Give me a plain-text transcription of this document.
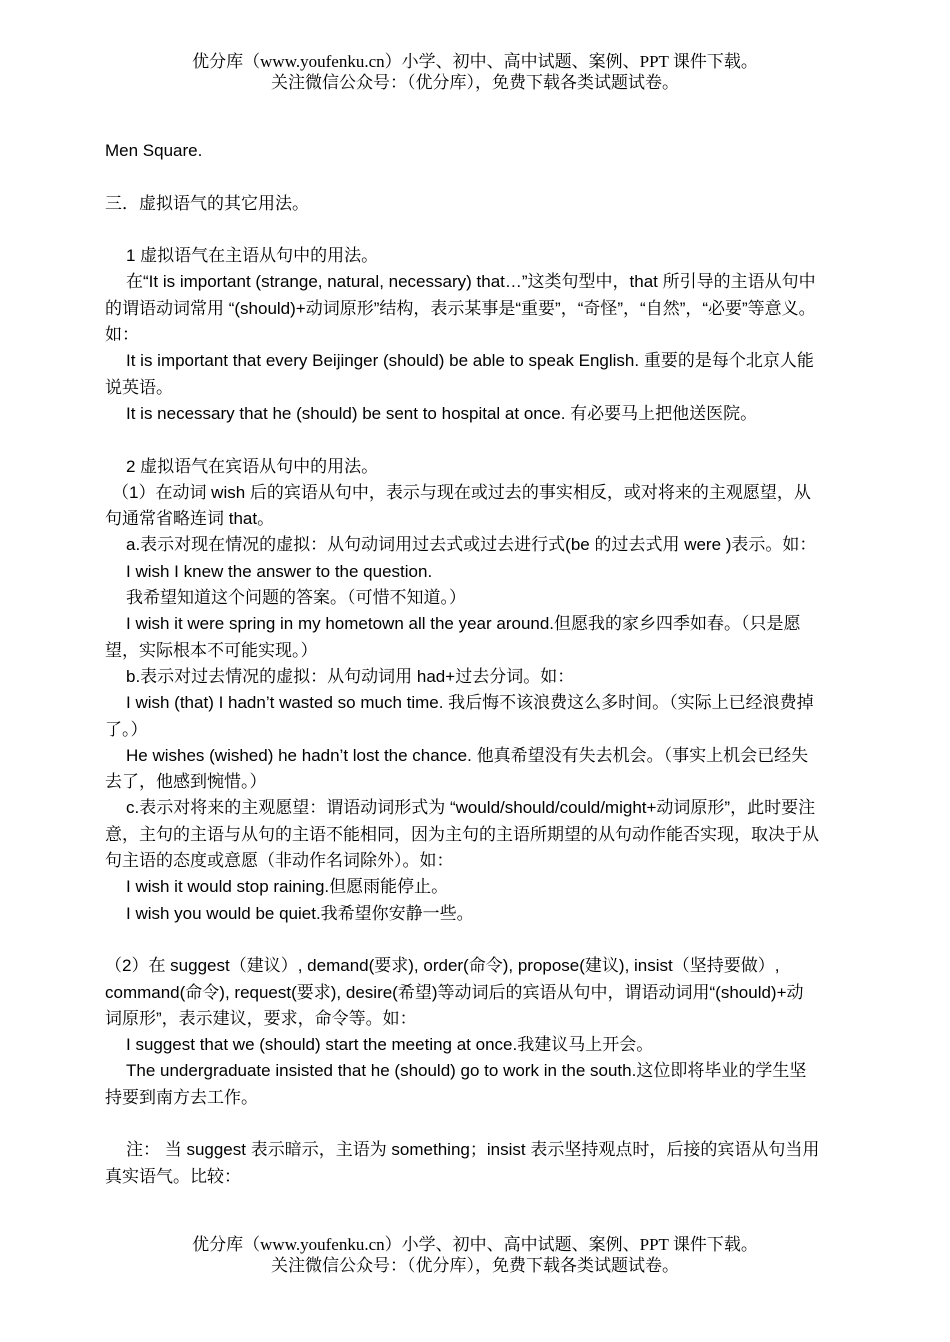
优分库（www.youfenku.cn）小学、初中、高中试题、案例、PPT 课件下载。
关注微信公众号：（优分库），免费下载各类试题试卷。

Men Square.

三．虚拟语气的其它用法。

1 虚拟语气在主语从句中的用法。

在“It is important (strange, natural, necessary) that…”这类句型中，that 所引导的主语从句中的谓语动词常用 “(should)+动词原形”结构，表示某事是“重要”，“奇怪”，“自然”，“必要”等意义。如：

It is important that every Beijinger (should) be able to speak English. 重要的是每个北京人能说英语。

It is necessary that he (should) be sent to hospital at once. 有必要马上把他送医院。

2 虚拟语气在宾语从句中的用法。

（1）在动词 wish 后的宾语从句中，表示与现在或过去的事实相反，或对将来的主观愿望，从句通常省略连词 that。

a.表示对现在情况的虚拟：从句动词用过去式或过去进行式(be 的过去式用 were )表示。如：

I wish I knew the answer to the question.

我希望知道这个问题的答案。（可惜不知道。）

I wish it were spring in my hometown all the year around.但愿我的家乡四季如春。（只是愿望，实际根本不可能实现。）

b.表示对过去情况的虚拟：从句动词用 had+过去分词。如：

I wish (that) I hadn’t wasted so much time. 我后悔不该浪费这么多时间。（实际上已经浪费掉了。）

He wishes (wished) he hadn’t lost the chance. 他真希望没有失去机会。（事实上机会已经失去了，他感到惋惜。）

c.表示对将来的主观愿望：谓语动词形式为 “would/should/could/might+动词原形”，此时要注意，主句的主语与从句的主语不能相同，因为主句的主语所期望的从句动作能否实现，取决于从句主语的态度或意愿（非动作名词除外）。如：

I wish it would stop raining.但愿雨能停止。

I wish you would be quiet.我希望你安静一些。

（2）在 suggest（建议）, demand(要求), order(命令), propose(建议), insist（坚持要做）, command(命令), request(要求), desire(希望)等动词后的宾语从句中，谓语动词用“(should)+动词原形”，表示建议，要求，命令等。如：

I suggest that we (should) start the meeting at once.我建议马上开会。

The undergraduate insisted that he (should) go to work in the south.这位即将毕业的学生坚持要到南方去工作。

注： 当 suggest 表示暗示，主语为 something；insist 表示坚持观点时，后接的宾语从句当用真实语气。比较：

优分库（www.youfenku.cn）小学、初中、高中试题、案例、PPT 课件下载。
关注微信公众号：（优分库），免费下载各类试题试卷。
